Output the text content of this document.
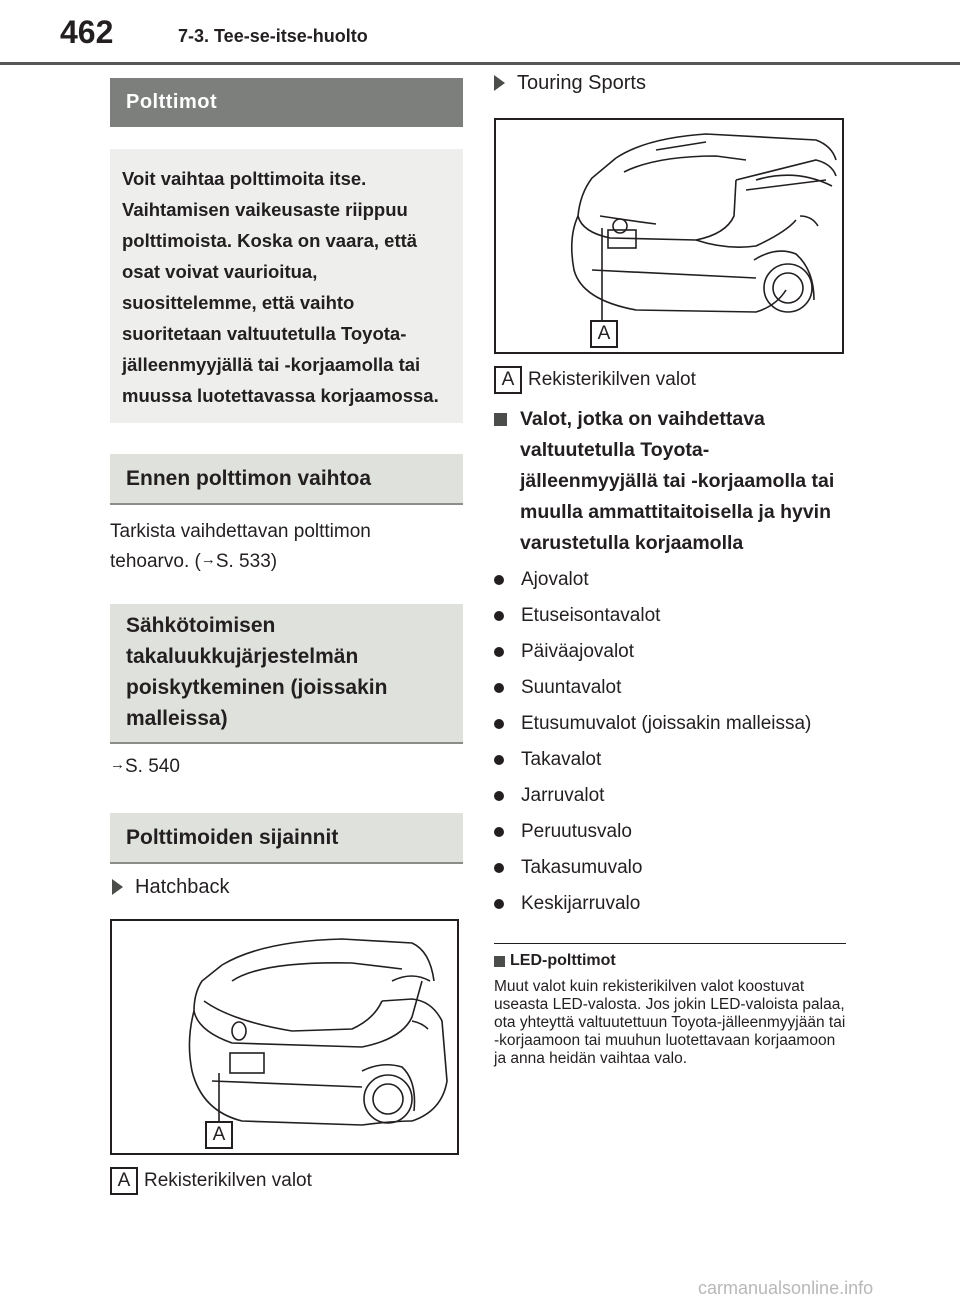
462	7-3. Tee-se-itse-huolto
Polttimot
Voit vaihtaa polttimoita itse. Vaihtamisen vaikeusaste riippuu polttimoista. Koska on vaara, että osat voivat vaurioitua, suosittelemme, että vaihto suoritetaan valtuutetulla Toyota-jälleenmyyjällä tai -korjaamolla tai muussa luotettavassa korjaamossa.
Ennen polttimon vaihtoa
Tarkista vaihdettavan polttimon
tehoarvo. (→S. 533)
Sähkötoimisen takaluukkujärjestelmän poiskytkeminen (joissakin malleissa)
→S. 540
Polttimoiden sijainnit
Hatchback
A
A Rekisterikilven valot
Touring Sports
A
A Rekisterikilven valot
Valot, jotka on vaihdettava valtuutetulla Toyota-jälleenmyyjällä tai -korjaamolla tai muulla ammattitaitoisella ja hyvin varustetulla korjaamolla
Ajovalot
Etuseisontavalot
Päiväajovalot
Suuntavalot
Etusumuvalot (joissakin malleissa)
Takavalot
Jarruvalot
Peruutusvalo
Takasumuvalo
Keskijarruvalo
LED-polttimot
Muut valot kuin rekisterikilven valot koostuvat useasta LED-valosta. Jos jokin LED-valoista palaa, ota yhteyttä valtuutettuun Toyota-jälleenmyyjään tai -korjaamoon tai muuhun luotettavaan korjaamoon ja anna heidän vaihtaa valo.
carmanualsonline.info
